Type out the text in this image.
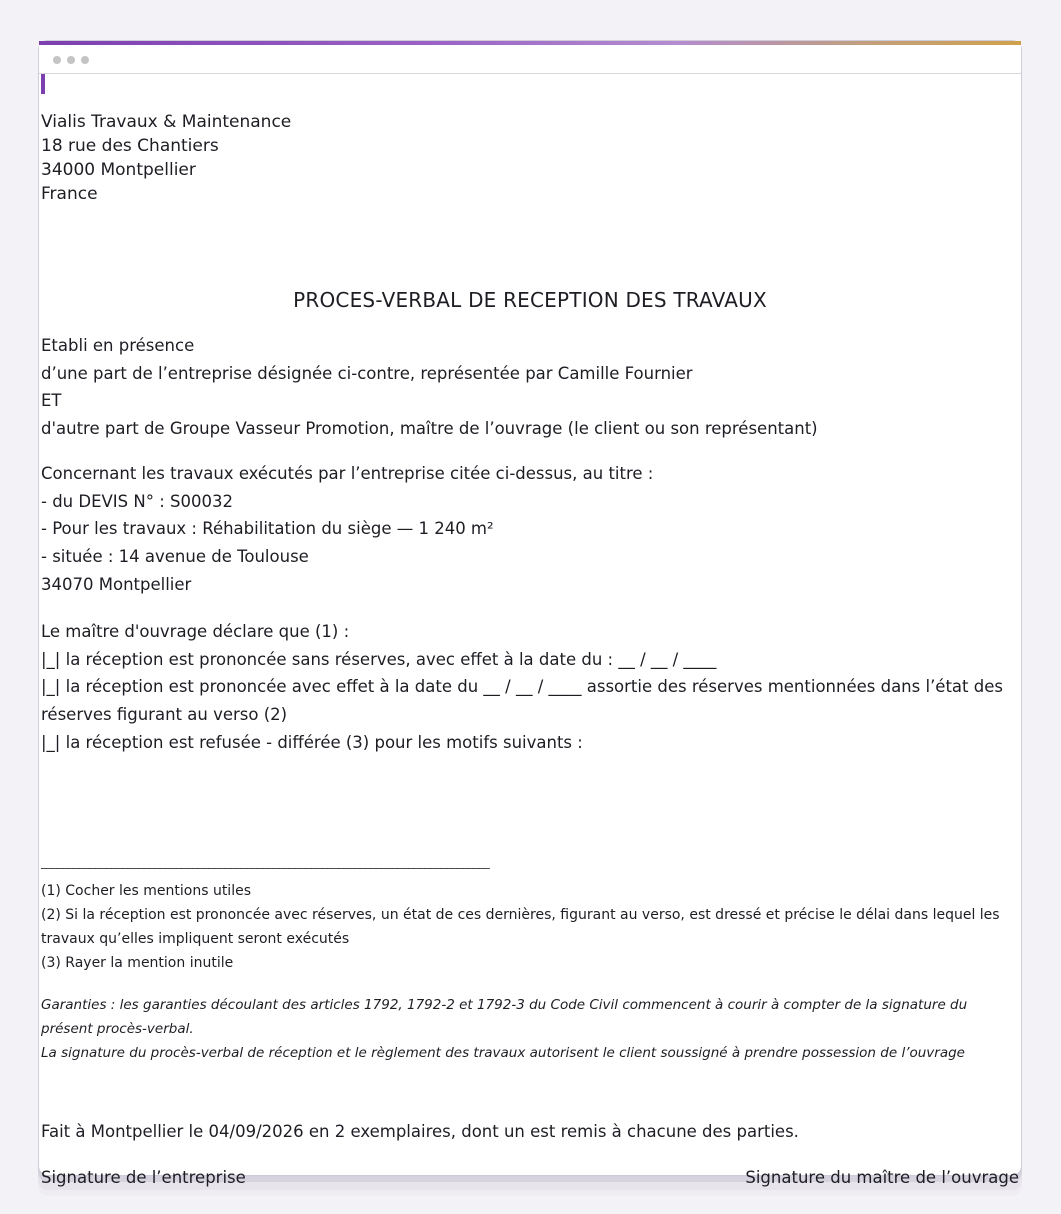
Vialis Travaux & Maintenance
18 rue des Chantiers
34000 Montpellier
France
PROCES-VERBAL DE RECEPTION DES TRAVAUX
Etabli en présence
d’une part de l’entreprise désignée ci-contre, représentée par Camille Fournier
ET
d'autre part de Groupe Vasseur Promotion, maître de l’ouvrage (le client ou son représentant)
Concernant les travaux exécutés par l’entreprise citée ci-dessus, au titre :
- du DEVIS N° : S00032
- Pour les travaux : Réhabilitation du siège — 1 240 m²
- située : 14 avenue de Toulouse
34070 Montpellier
Le maître d'ouvrage déclare que (1) :
|_| la réception est prononcée sans réserves, avec effet à la date du : __ / __ / ____
|_| la réception est prononcée avec effet à la date du __ / __ / ____ assortie des réserves mentionnées dans l’état des réserves figurant au verso (2)
|_| la réception est refusée - différée (3) pour les motifs suivants :
___________________________________________________________________________________
(1) Cocher les mentions utiles
(2) Si la réception est prononcée avec réserves, un état de ces dernières, figurant au verso, est dressé et précise le délai dans lequel les travaux qu’elles impliquent seront exécutés
(3) Rayer la mention inutile
Garanties : les garanties découlant des articles 1792, 1792-2 et 1792-3 du Code Civil commencent à courir à compter de la signature du présent procès-verbal.
La signature du procès-verbal de réception et le règlement des travaux autorisent le client soussigné à prendre possession de l’ouvrage
Fait à Montpellier le 04/09/2026 en 2 exemplaires, dont un est remis à chacune des parties.
Signature de l’entreprise	Signature du maître de l’ouvrage
